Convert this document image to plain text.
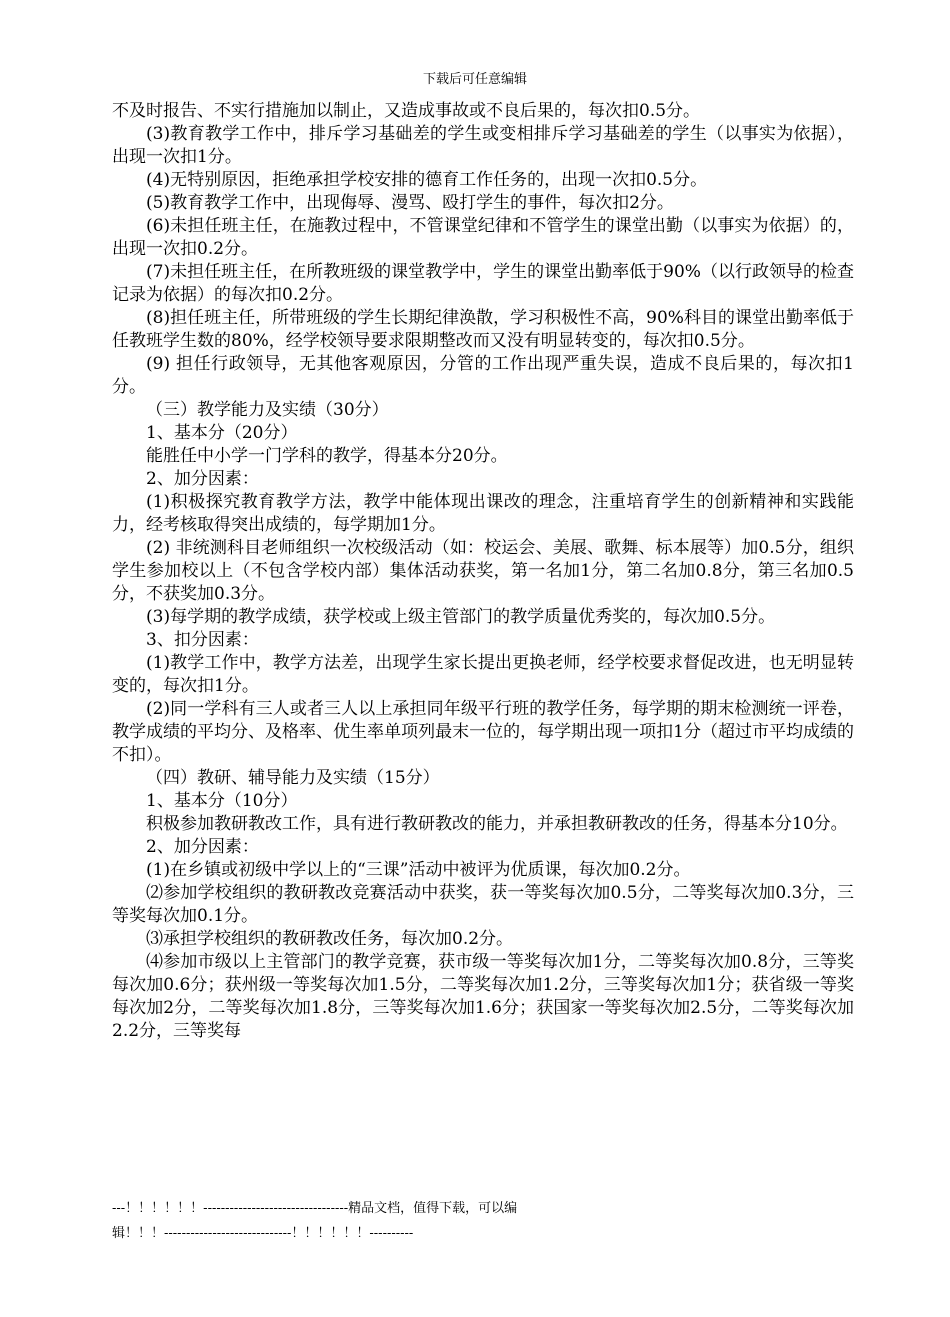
下载后可任意编辑

不及时报告、不实行措施加以制止，又造成事故或不良后果的，每次扣0.5分。

(3)教育教学工作中，排斥学习基础差的学生或变相排斥学习基础差的学生（以事实为依据），出现一次扣1分。

(4)无特别原因，拒绝承担学校安排的德育工作任务的，出现一次扣0.5分。

(5)教育教学工作中，出现侮辱、漫骂、殴打学生的事件，每次扣2分。

(6)未担任班主任，在施教过程中，不管课堂纪律和不管学生的课堂出勤（以事实为依据）的，出现一次扣0.2分。

(7)未担任班主任，在所教班级的课堂教学中，学生的课堂出勤率低于90%（以行政领导的检查记录为依据）的每次扣0.2分。

(8)担任班主任，所带班级的学生长期纪律涣散，学习积极性不高，90%科目的课堂出勤率低于任教班学生数的80%，经学校领导要求限期整改而又没有明显转变的，每次扣0.5分。

(9) 担任行政领导，无其他客观原因，分管的工作出现严重失误，造成不良后果的，每次扣1分。

（三）教学能力及实绩（30分）

1、基本分（20分）

能胜任中小学一门学科的教学，得基本分20分。

2、加分因素：

(1)积极探究教育教学方法，教学中能体现出课改的理念，注重培育学生的创新精神和实践能力，经考核取得突出成绩的，每学期加1分。

(2) 非统测科目老师组织一次校级活动（如：校运会、美展、歌舞、标本展等）加0.5分，组织学生参加校以上（不包含学校内部）集体活动获奖，第一名加1分，第二名加0.8分，第三名加0.5分，不获奖加0.3分。

(3)每学期的教学成绩，获学校或上级主管部门的教学质量优秀奖的，每次加0.5分。

3、扣分因素：

(1)教学工作中，教学方法差，出现学生家长提出更换老师，经学校要求督促改进，也无明显转变的，每次扣1分。

(2)同一学科有三人或者三人以上承担同年级平行班的教学任务，每学期的期末检测统一评卷，教学成绩的平均分、及格率、优生率单项列最末一位的，每学期出现一项扣1分（超过市平均成绩的不扣）。

（四）教研、辅导能力及实绩（15分）

1、基本分（10分）

积极参加教研教改工作，具有进行教研教改的能力，并承担教研教改的任务，得基本分10分。

2、加分因素：

(1)在乡镇或初级中学以上的“三课”活动中被评为优质课，每次加0.2分。

⑵参加学校组织的教研教改竞赛活动中获奖，获一等奖每次加0.5分，二等奖每次加0.3分，三等奖每次加0.1分。

⑶承担学校组织的教研教改任务，每次加0.2分。

⑷参加市级以上主管部门的教学竞赛，获市级一等奖每次加1分，二等奖每次加0.8分，三等奖每次加0.6分；获州级一等奖每次加1.5分，二等奖每次加1.2分，三等奖每次加1分；获省级一等奖每次加2分，二等奖每次加1.8分，三等奖每次加1.6分；获国家一等奖每次加2.5分，二等奖每次加2.2分，三等奖每

---！！！！！！---------------------------------精品文档，值得下载，可以编
辑！！！-----------------------------！！！！！！----------
